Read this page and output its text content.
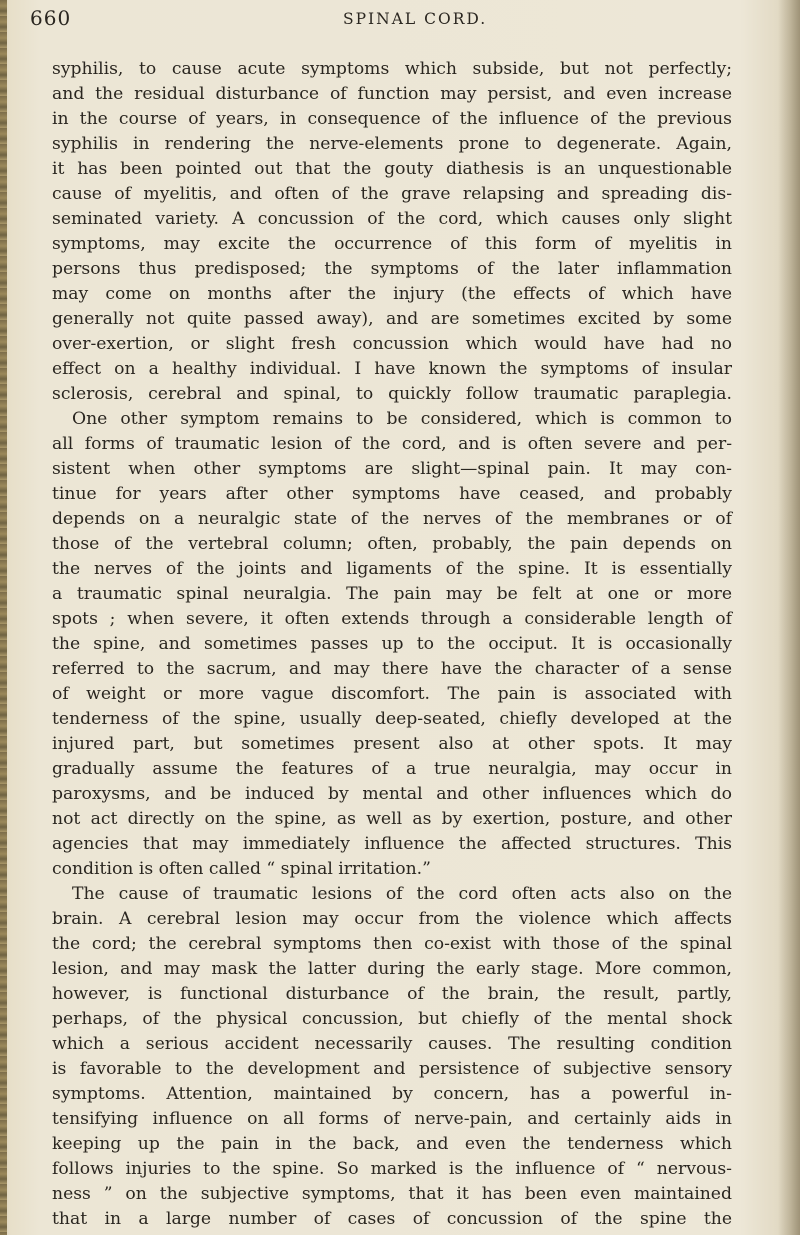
660	SPINAL CORD.
syphilis, to cause acute symptoms which subside, but not perfectly;
and the residual disturbance of function may persist, and even increase
in the course of years, in consequence of the influence of the previous
syphilis in rendering the nerve-elements prone to degenerate. Again,
it has been pointed out that the gouty diathesis is an unquestionable
cause of myelitis, and often of the grave relapsing and spreading dis-
seminated variety. A concussion of the cord, which causes only slight
symptoms, may excite the occurrence of this form of myelitis in
persons thus predisposed; the symptoms of the later inflammation
may come on months after the injury (the effects of which have
generally not quite passed away), and are sometimes excited by some
over-exertion, or slight fresh concussion which would have had no
effect on a healthy individual. I have known the symptoms of insular
sclerosis, cerebral and spinal, to quickly follow traumatic paraplegia.
One other symptom remains to be considered, which is common to
all forms of traumatic lesion of the cord, and is often severe and per-
sistent when other symptoms are slight—spinal pain. It may con-
tinue for years after other symptoms have ceased, and probably
depends on a neuralgic state of the nerves of the membranes or of
those of the vertebral column; often, probably, the pain depends on
the nerves of the joints and ligaments of the spine. It is essentially
a traumatic spinal neuralgia. The pain may be felt at one or more
spots ; when severe, it often extends through a considerable length of
the spine, and sometimes passes up to the occiput. It is occasionally
referred to the sacrum, and may there have the character of a sense
of weight or more vague discomfort. The pain is associated with
tenderness of the spine, usually deep-seated, chiefly developed at the
injured part, but sometimes present also at other spots. It may
gradually assume the features of a true neuralgia, may occur in
paroxysms, and be induced by mental and other influences which do
not act directly on the spine, as well as by exertion, posture, and other
agencies that may immediately influence the affected structures. This
condition is often called “ spinal irritation.”
The cause of traumatic lesions of the cord often acts also on the
brain. A cerebral lesion may occur from the violence which affects
the cord; the cerebral symptoms then co-exist with those of the spinal
lesion, and may mask the latter during the early stage. More common,
however, is functional disturbance of the brain, the result, partly,
perhaps, of the physical concussion, but chiefly of the mental shock
which a serious accident necessarily causes. The resulting condition
is favorable to the development and persistence of subjective sensory
symptoms. Attention, maintained by concern, has a powerful in-
tensifying influence on all forms of nerve-pain, and certainly aids in
keeping up the pain in the back, and even the tenderness which
follows injuries to the spine. So marked is the influence of “ nervous-
ness ” on the subjective symptoms, that it has been even maintained
that in a large number of cases of concussion of the spine the
